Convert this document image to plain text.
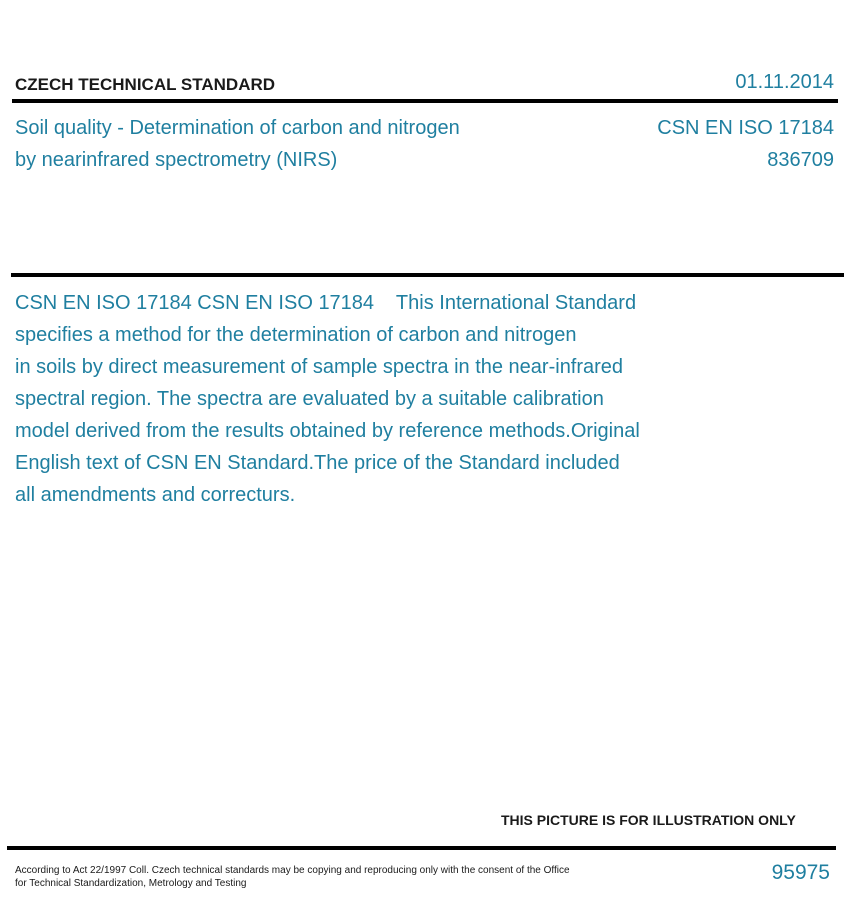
CZECH TECHNICAL STANDARD	01.11.2014
Soil quality - Determination of carbon and nitrogen
by nearinfrared spectrometry (NIRS)
CSN EN ISO 17184
836709
CSN EN ISO 17184 CSN EN ISO 17184    This International Standard
specifies a method for the determination of carbon and nitrogen
in soils by direct measurement of sample spectra in the near-infrared
spectral region. The spectra are evaluated by a suitable calibration
model derived from the results obtained by reference methods.Original
English text of CSN EN Standard.The price of the Standard included
all amendments and correcturs.
THIS PICTURE IS FOR ILLUSTRATION ONLY
According to Act 22/1997 Coll. Czech technical standards may be copying and reproducing only with the consent of the Office
for Technical Standardization, Metrology and Testing	95975
